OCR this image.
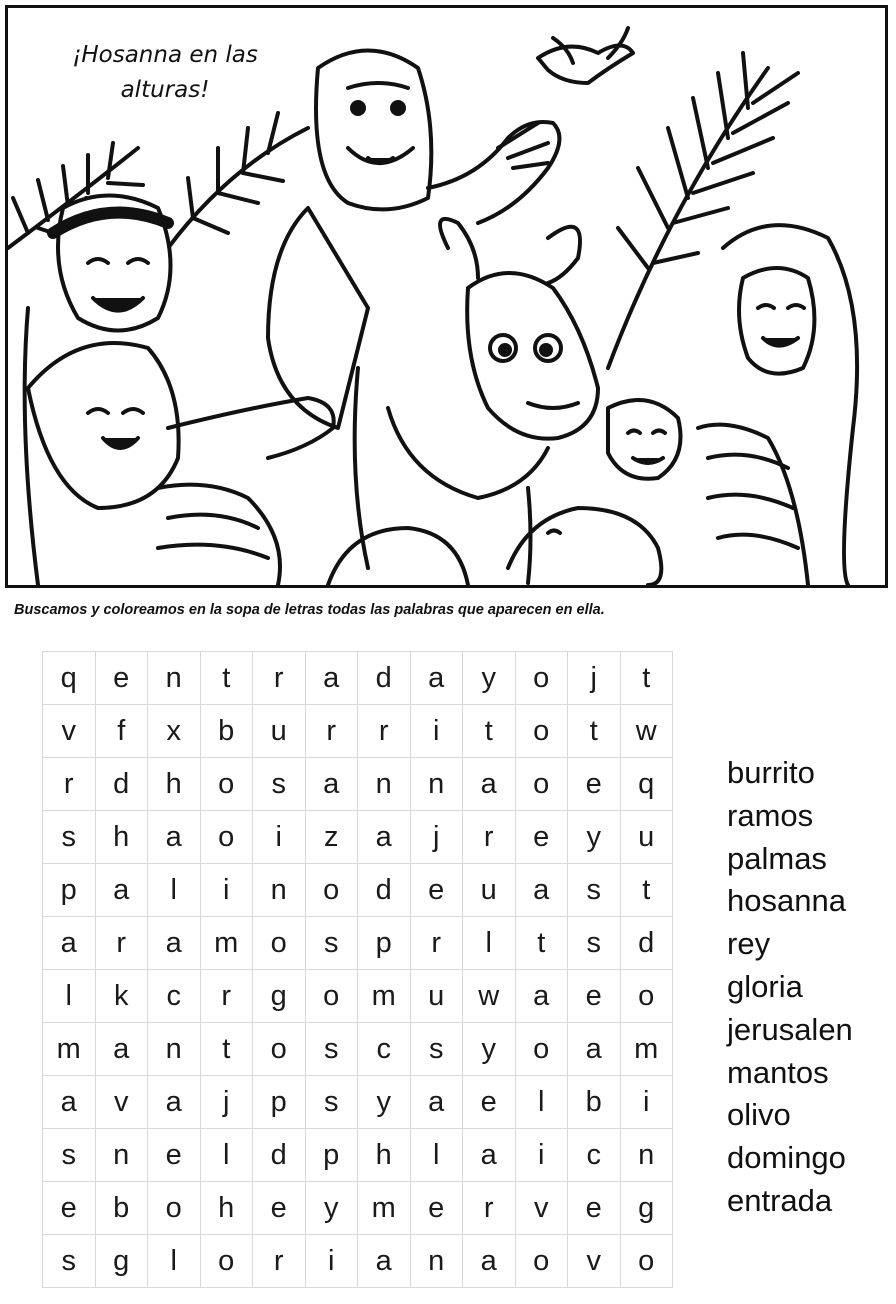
¡Hosanna en las
alturas!
Buscamos y coloreamos en la sopa de letras todas las palabras que aparecen en ella.
q	e	n	t	r	a	d	a	y	o	j	t
v	f	x	b	u	r	r	i	t	o	t	w
r	d	h	o	s	a	n	n	a	o	e	q
s	h	a	o	i	z	a	j	r	e	y	u
p	a	l	i	n	o	d	e	u	a	s	t
a	r	a	m	o	s	p	r	l	t	s	d
l	k	c	r	g	o	m	u	w	a	e	o
m	a	n	t	o	s	c	s	y	o	a	m
a	v	a	j	p	s	y	a	e	l	b	i
s	n	e	l	d	p	h	l	a	i	c	n
e	b	o	h	e	y	m	e	r	v	e	g
s	g	l	o	r	i	a	n	a	o	v	o
burrito
ramos
palmas
hosanna
rey
gloria
jerusalen
mantos
olivo
domingo
entrada
